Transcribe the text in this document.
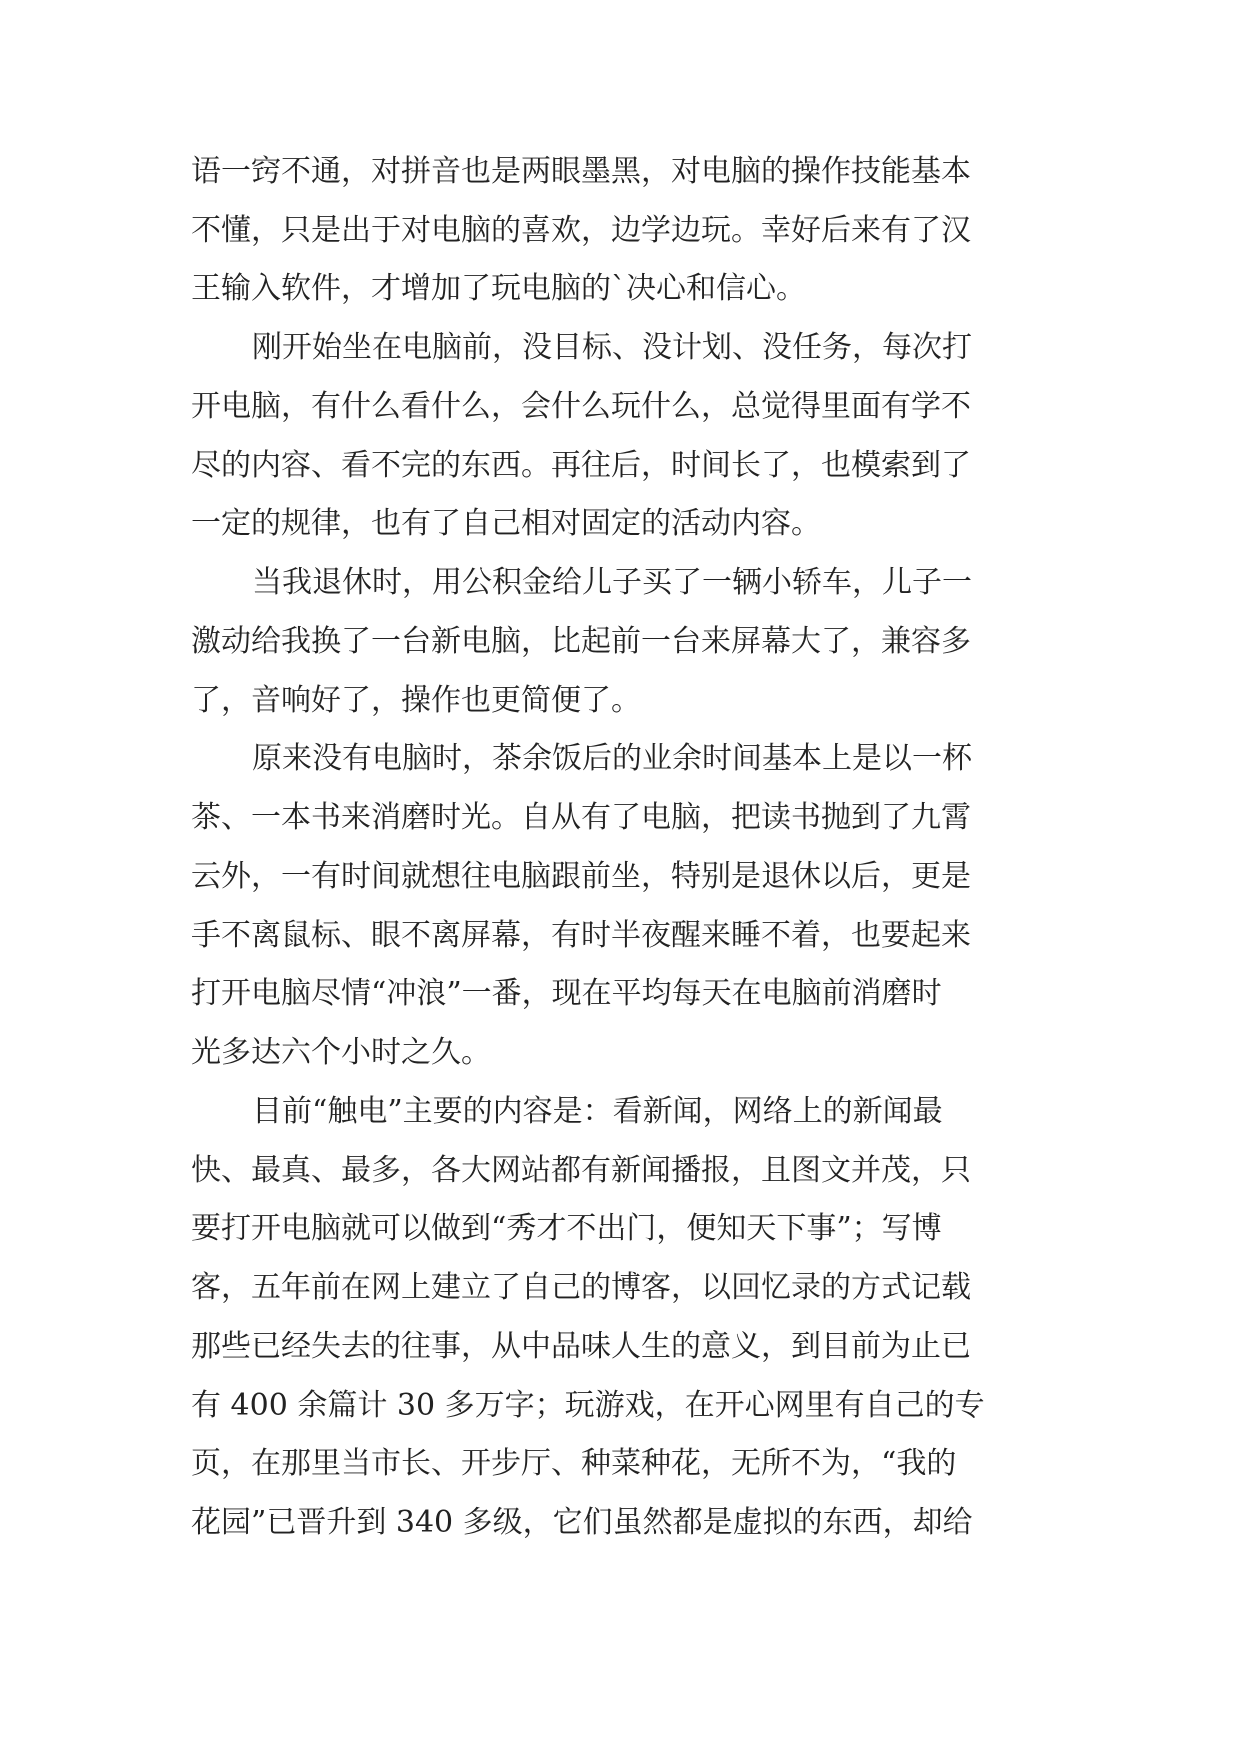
语一窍不通，对拼音也是两眼墨黑，对电脑的操作技能基本
不懂，只是出于对电脑的喜欢，边学边玩。幸好后来有了汉
王输入软件，才增加了玩电脑的`决心和信心。
刚开始坐在电脑前，没目标、没计划、没任务，每次打
开电脑，有什么看什么，会什么玩什么，总觉得里面有学不
尽的内容、看不完的东西。再往后，时间长了，也模索到了
一定的规律，也有了自己相对固定的活动内容。
当我退休时，用公积金给儿子买了一辆小轿车，儿子一
激动给我换了一台新电脑，比起前一台来屏幕大了，兼容多
了，音响好了，操作也更简便了。
原来没有电脑时，茶余饭后的业余时间基本上是以一杯
茶、一本书来消磨时光。自从有了电脑，把读书抛到了九霄
云外，一有时间就想往电脑跟前坐，特别是退休以后，更是
手不离鼠标、眼不离屏幕，有时半夜醒来睡不着，也要起来
打开电脑尽情“冲浪”一番，现在平均每天在电脑前消磨时
光多达六个小时之久。
目前“触电”主要的内容是：看新闻，网络上的新闻最
快、最真、最多，各大网站都有新闻播报，且图文并茂，只
要打开电脑就可以做到“秀才不出门，便知天下事”；写博
客，五年前在网上建立了自己的博客，以回忆录的方式记载
那些已经失去的往事，从中品味人生的意义，到目前为止已
有 400 余篇计 30 多万字；玩游戏，在开心网里有自己的专
页，在那里当市长、开步厅、种菜种花，无所不为，“我的
花园”已晋升到 340 多级，它们虽然都是虚拟的东西，却给
